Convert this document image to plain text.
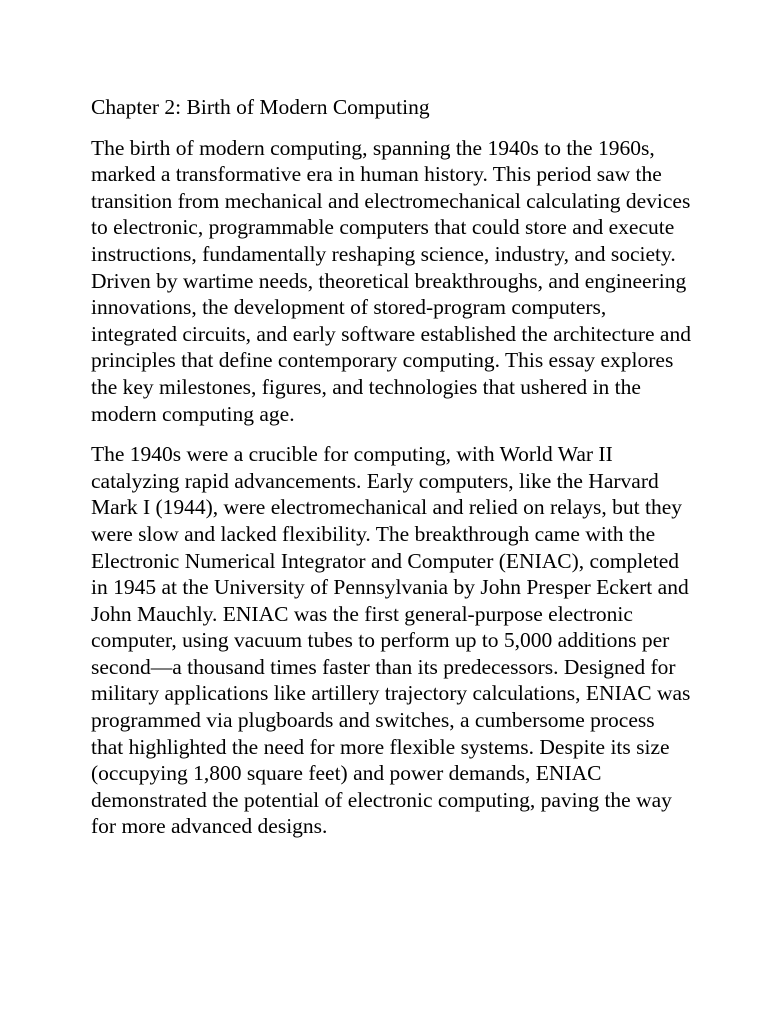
Chapter 2: Birth of Modern Computing

The birth of modern computing, spanning the 1940s to the 1960s, marked a transformative era in human history. This period saw the transition from mechanical and electromechanical calculating devices to electronic, programmable computers that could store and execute instructions, fundamentally reshaping science, industry, and society. Driven by wartime needs, theoretical breakthroughs, and engineering innovations, the development of stored-program computers, integrated circuits, and early software established the architecture and principles that define contemporary computing. This essay explores the key milestones, figures, and technologies that ushered in the modern computing age.

The 1940s were a crucible for computing, with World War II catalyzing rapid advancements. Early computers, like the Harvard Mark I (1944), were electromechanical and relied on relays, but they were slow and lacked flexibility. The breakthrough came with the Electronic Numerical Integrator and Computer (ENIAC), completed in 1945 at the University of Pennsylvania by John Presper Eckert and John Mauchly. ENIAC was the first general-purpose electronic computer, using vacuum tubes to perform up to 5,000 additions per second—a thousand times faster than its predecessors. Designed for military applications like artillery trajectory calculations, ENIAC was programmed via plugboards and switches, a cumbersome process that highlighted the need for more flexible systems. Despite its size (occupying 1,800 square feet) and power demands, ENIAC demonstrated the potential of electronic computing, paving the way for more advanced designs.
